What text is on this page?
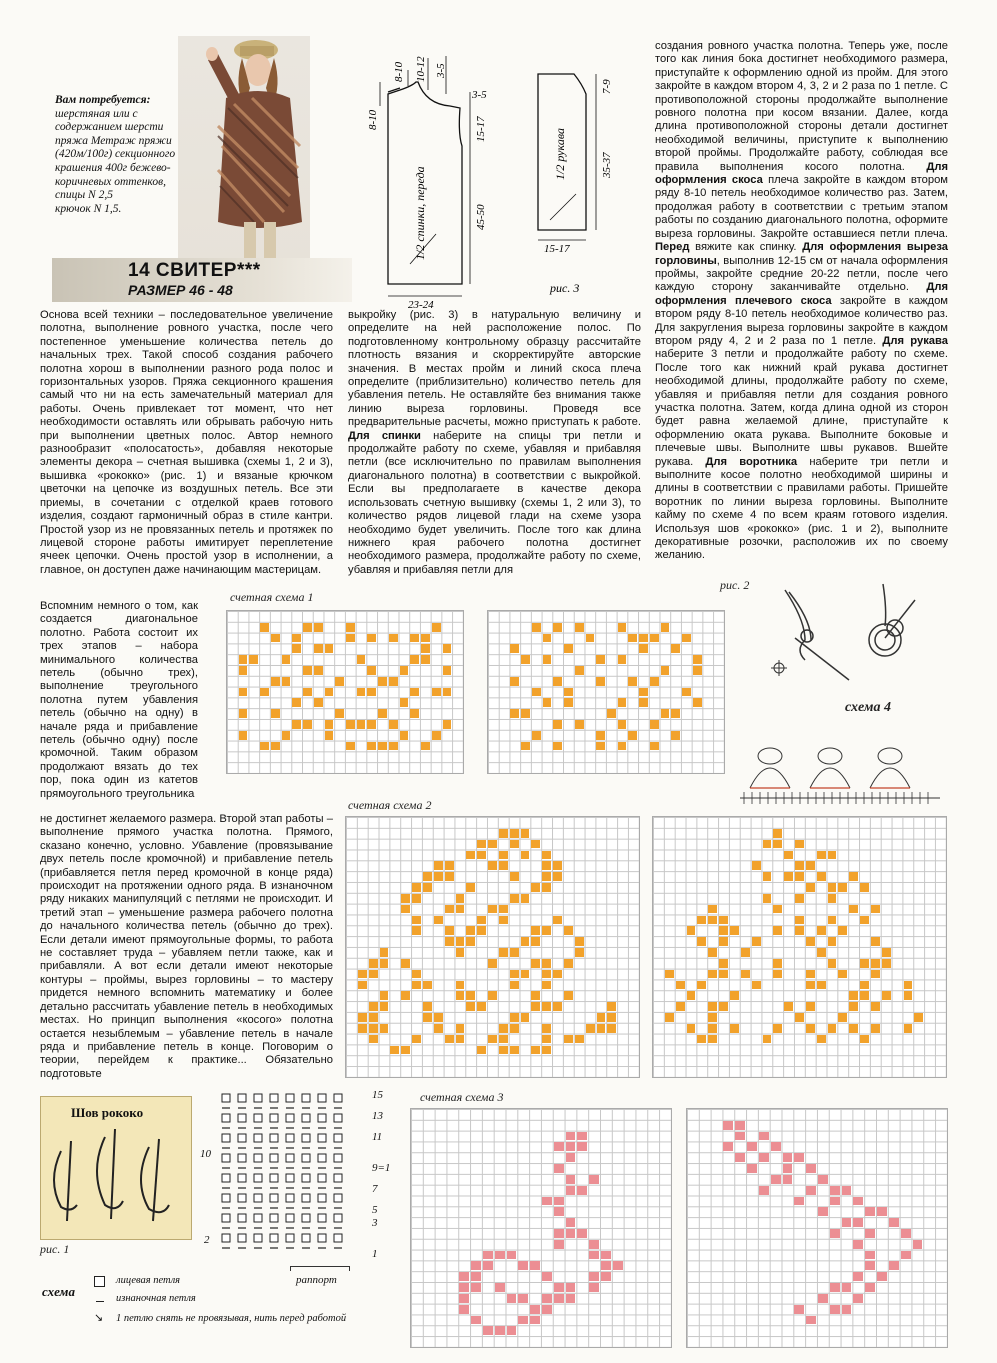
Вам потребуется:
шерстяная или с
содержанием шерсти
пряжа Метраж пряжи
(420м/100г) секционного
крашения 400г бежево-
коричневых оттенков,
спицы N 2,5
крючок N 1,5.
14 СВИТЕР***
РАЗМЕР 46 - 48
1/2 спинки, переда
1/2 рукава
8-10 10-12 3-5
8-10
3-5
15-17
45-50
23-24
7-9
35-37
15-17
рис. 3

Основа всей техники – последовательное увеличение полотна, выполнение ровного участка, после чего постепенное уменьшение количества петель до начальных трех. Такой способ создания рабочего полотна хорош в выполнении разного рода полос и горизонтальных узоров. Пряжа секционного крашения самый что ни на есть замечательный материал для работы. Очень привлекает тот момент, что нет необходимости оставлять или обрывать рабочую нить при выполнении цветных полос. Автор немного разнообразит «полосатость», добавляя некоторые элементы декора – счетная вышивка (схемы 1, 2 и 3), вышивка «рококко» (рис. 1) и вязаные крючком цветочки на цепочке из воздушных петель. Все эти приемы, в сочетании с отделкой краев готового изделия, создают гармоничный образ в стиле кантри. Простой узор из не провязанных петель и протяжек по лицевой стороне работы имитирует переплетение ячеек цепочки. Очень простой узор в исполнении, а главное, он доступен даже начинающим мастерицам.

Вспомним немного о том, как создается диагональное полотно. Работа состоит их трех этапов – набора минимального количества петель (обычно трех), выполнение треугольного полотна путем убавления петель (обычно на одну) в начале ряда и прибавление петель (обычно одну) после кромочной. Таким образом продолжают вязать до тех пор, пока один из катетов прямоугольного треугольника

не достигнет желаемого размера. Второй этап работы – выполнение прямого участка полотна. Прямого, сказано конечно, условно. Убавление (провязывание двух петель после кромочной) и прибавление петель (прибавляется петля перед кромочной в конце ряда) происходит на протяжении одного ряда. В изнаночном ряду никаких манипуляций с петлями не происходит. И третий этап – уменьшение размера рабочего полотна до начального количества петель (обычно до трех). Если детали имеют прямоугольные формы, то работа не составляет труда – убавляем петли также, как и прибавляли. А вот если детали имеют некоторые контуры – проймы, вырез горловины – то мастеру придется немного вспомнить математику и более детально рассчитать убавление петель в необходимых местах. Но принцип выполнения «косого» полотна остается незыблемым – убавление петель в начале ряда и прибавление петель в конце. Поговорим о теории, перейдем к практике... Обязательно подготовьте

выкройку (рис. 3) в натуральную величину и определите на ней расположение полос. По подготовленному контрольному образцу рассчитайте плотность вязания и скорректируйте авторские значения. В местах пройм и линий скоса плеча определите (приблизительно) количество петель для убавления петель. Не оставляйте без внимания также линию выреза горловины. Проведя все предварительные расчеты, можно приступать к работе. Для спинки наберите на спицы три петли и продолжайте работу по схеме, убавляя и прибавляя петли (все исключительно по правилам выполнения диагонального полотна) в соответствии с выкройкой. Если вы предполагаете в качестве декора использовать счетную вышивку (схемы 1, 2 или 3), то количество рядов лицевой глади на схеме узора необходимо будет увеличить. После того как длина нижнего края рабочего полотна достигнет необходимого размера, продолжайте работу по схеме, убавляя и прибавляя петли для

создания ровного участка полотна. Теперь уже, после того как линия бока достигнет необходимого размера, приступайте к оформлению одной из пройм. Для этого закройте в каждом втором 4, 3, 2 и 2 раза по 1 петле. С противоположной стороны продолжайте выполнение ровного полотна при косом вязании. Далее, когда длина противоположной стороны детали достигнет необходимой величины, приступите к выполнению второй проймы. Продолжайте работу, соблюдая все правила выполнения косого полотна. Для оформления скоса плеча закройте в каждом втором ряду 8-10 петель необходимое количество раз. Затем, продолжая работу в соответствии с третьим этапом работы по созданию диагонального полотна, оформите выреза горловины. Закройте оставшиеся петли плеча. Перед вяжите как спинку. Для оформления выреза горловины, выполнив 12-15 см от начала оформления проймы, закройте средние 20-22 петли, после чего каждую сторону заканчивайте отдельно. Для оформления плечевого скоса закройте в каждом втором ряду 8-10 петель необходимое количество раз. Для закругления выреза горловины закройте в каждом втором ряду 4, 2 и 2 раза по 1 петле. Для рукава наберите 3 петли и продолжайте работу по схеме. После того как нижний край рукава достигнет необходимой длины, продолжайте работу по схеме, убавляя и прибавляя петли для создания ровного участка полотна. Затем, когда длина одной из сторон будет равна желаемой длине, приступайте к оформлению оката рукава. Выполните боковые и плечевые швы. Выполните швы рукавов. Вшейте рукава. Для воротника наберите три петли и выполните косое полотно необходимой ширины и длины в соответствии с правилами работы. Пришейте воротник по линии выреза горловины. Выполните кайму по схеме 4 по всем краям готового изделия. Используя шов «рококко» (рис. 1 и 2), выполните декоративные розочки, расположив их по своему желанию.

рис. 2
схема 4
счетная схема 1
счетная схема 2
счетная схема 3
Шов рококо
рис. 1
15
13
11
9=1
7
5
3
1
10
2
раппорт
схема
лицевая петля
изнаночная петля
↘ 1 петлю снять не провязывая, нить перед работой
